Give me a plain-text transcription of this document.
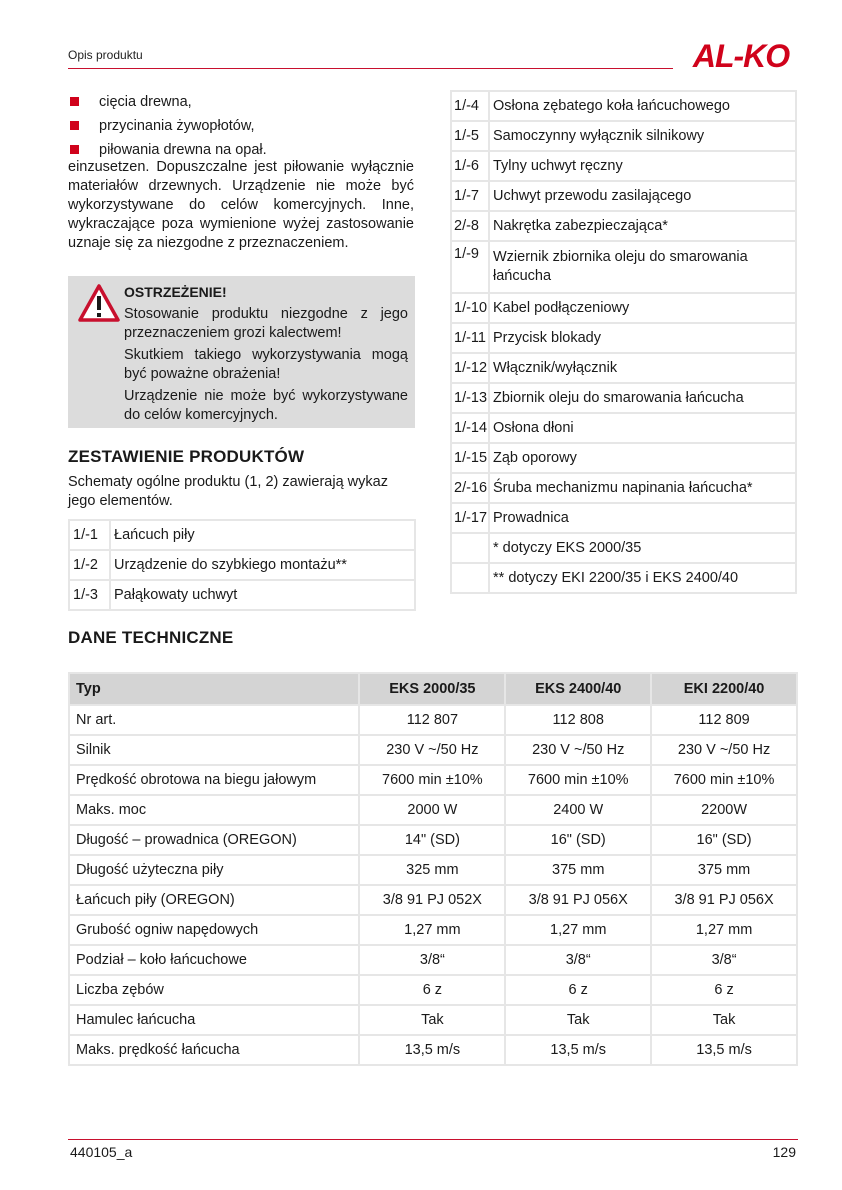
Opis produktu	AL-KO
cięcia drewna,
przycinania żywopłotów,
piłowania drewna na opał.

einzusetzen. Dopuszczalne jest piłowanie wyłącznie materiałów drzewnych. Urządzenie nie może być wykorzystywane do celów komercyjnych. Inne, wykraczające poza wymienione wyżej zastosowanie uznaje się za niezgodne z przeznaczeniem.

OSTRZEŻENIE!

Stosowanie produktu niezgodne z jego przeznaczeniem grozi kalectwem!

Skutkiem takiego wykorzystywania mogą być poważne obrażenia!

Urządzenie nie może być wykorzystywane do celów komercyjnych.

ZESTAWIENIE PRODUKTÓW

Schematy ogólne produktu (1, 2) zawierają wykaz jego elementów.

1/-1	Łańcuch piły
1/-2	Urządzenie do szybkiego montażu**
1/-3	Pałąkowaty uchwyt
1/-4	Osłona zębatego koła łańcuchowego
1/-5	Samoczynny wyłącznik silnikowy
1/-6	Tylny uchwyt ręczny
1/-7	Uchwyt przewodu zasilającego
2/-8	Nakrętka zabezpieczająca*
1/-9	Wziernik zbiornika oleju do smarowania łańcucha
1/-10	Kabel podłączeniowy
1/-11	Przycisk blokady
1/-12	Włącznik/wyłącznik
1/-13	Zbiornik oleju do smarowania łańcucha
1/-14	Osłona dłoni
1/-15	Ząb oporowy
2/-16	Śruba mechanizmu napinania łańcucha*
1/-17	Prowadnica
	* dotyczy EKS 2000/35
	** dotyczy EKI 2200/35 i EKS 2400/40
DANE TECHNICZNE
Typ	EKS 2000/35	EKS 2400/40	EKI 2200/40
Nr art.	112 807	112 808	112 809
Silnik	230 V ~/50 Hz	230 V ~/50 Hz	230 V ~/50 Hz
Prędkość obrotowa na biegu jałowym	7600 min ±10%	7600 min ±10%	7600 min ±10%
Maks. moc	2000 W	2400 W	2200W
Długość – prowadnica (OREGON)	14" (SD)	16" (SD)	16" (SD)
Długość użyteczna piły	325 mm	375 mm	375 mm
Łańcuch piły (OREGON)	3/8 91 PJ 052X	3/8 91 PJ 056X	3/8 91 PJ 056X
Grubość ogniw napędowych	1,27 mm	1,27 mm	1,27 mm
Podział – koło łańcuchowe	3/8“	3/8“	3/8“
Liczba zębów	6 z	6 z	6 z
Hamulec łańcucha	Tak	Tak	Tak
Maks. prędkość łańcucha	13,5 m/s	13,5 m/s	13,5 m/s
440105_a	129
